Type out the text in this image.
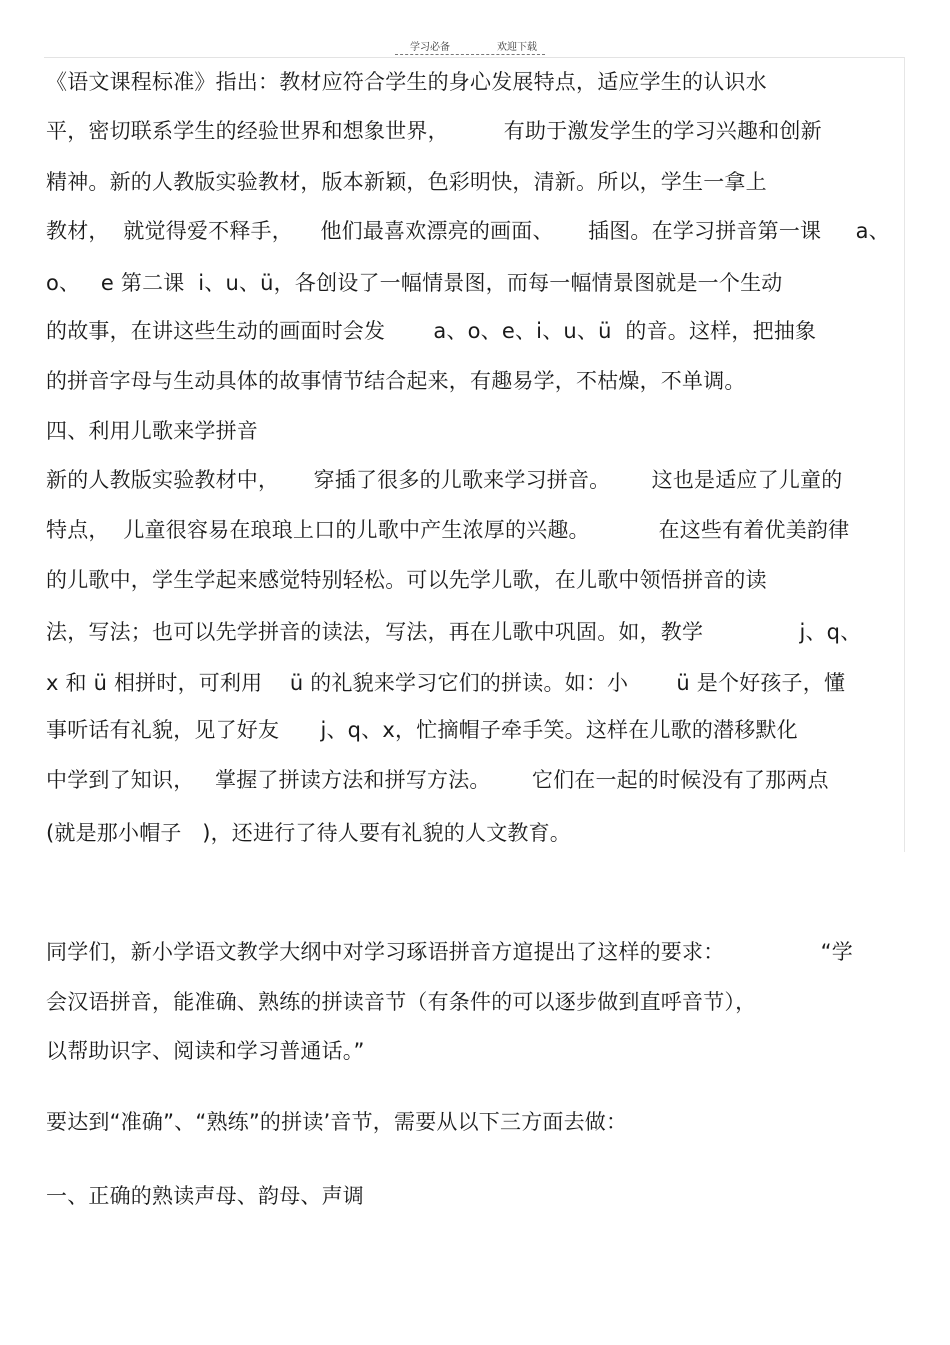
学习必备	欢迎下载
《语文课程标准》指出：教材应符合学生的身心发展特点，适应学生的认识水
平，密切联系学生的经验世界和想象世界，        有助于激发学生的学习兴趣和创新
精神。新的人教版实验教材，版本新颖，色彩明快，清新。所以，学生一拿上
教材，  就觉得爱不释手，    他们最喜欢漂亮的画面、     插图。在学习拼音第一课     a、
o、   e 第二课  i、u、ü，各创设了一幅情景图，而每一幅情景图就是一个生动
的故事，在讲这些生动的画面时会发       a、o、e、i、u、ü  的音。这样，把抽象
的拼音字母与生动具体的故事情节结合起来，有趣易学，不枯燥，不单调。
四、利用儿歌来学拼音
新的人教版实验教材中，     穿插了很多的儿歌来学习拼音。      这也是适应了儿童的
特点，  儿童很容易在琅琅上口的儿歌中产生浓厚的兴趣。          在这些有着优美韵律
的儿歌中，学生学起来感觉特别轻松。可以先学儿歌，在儿歌中领悟拼音的读
法，写法；也可以先学拼音的读法，写法，再在儿歌中巩固。如，教学              j、q、
x 和 ü 相拼时，可利用    ü 的礼貌来学习它们的拼读。如：小       ü 是个好孩子，懂
事听话有礼貌，见了好友      j、q、x，忙摘帽子牵手笑。这样在儿歌的潜移默化
中学到了知识，   掌握了拼读方法和拼写方法。      它们在一起的时候没有了那两点
(就是那小帽子   )，还进行了待人要有礼貌的人文教育。
同学们，新小学语文教学大纲中对学习琢语拼音方逭提出了这样的要求：              “学
会汉语拼音，能准确、熟练的拼读音节（有条件的可以逐步做到直呼音节），
以帮助识字、阅读和学习普通话。”
要达到“准确”、“熟练”的拼读’音节，需要从以下三方面去做：
一、正确的熟读声母、韵母、声调
